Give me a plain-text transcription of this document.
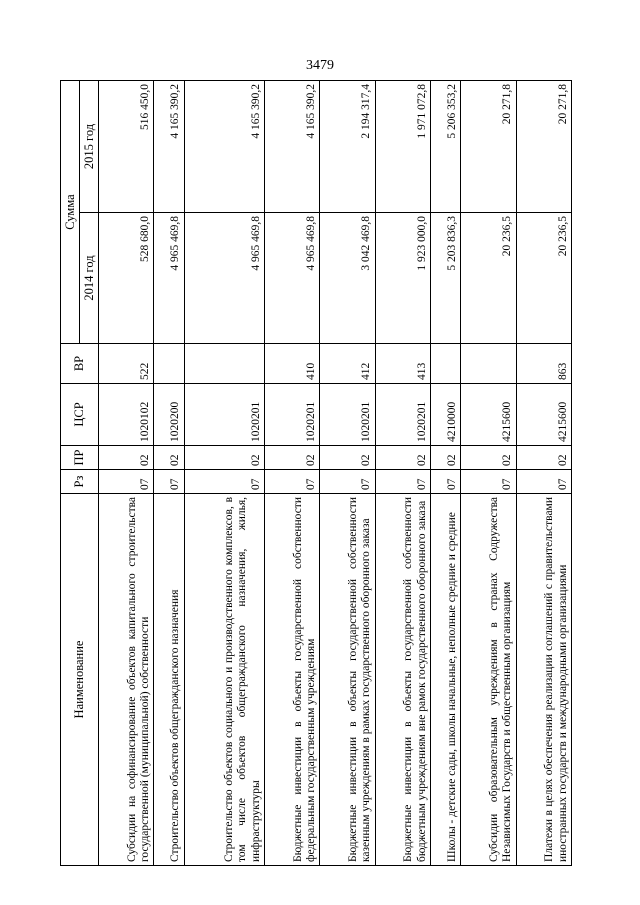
3479
Наименование	Рз	ПР	ЦСР	ВР	Сумма	
					2014 год	2015 год
Субсидии на софинансирование объектов капитального строительства государственной (муниципальной) собственности	07	02	1020102	522	528 680,0	516 450,0
Строительство объектов общегражданского назначения	07	02	1020200		4 965 469,8	4 165 390,2
Строительство объектов социального и производственного комплексов, в том числе объектов общегражданского назначения, жилья, инфраструктуры	07	02	1020201		4 965 469,8	4 165 390,2
Бюджетные инвестиции в объекты государственной собственности федеральным государственным учреждениям	07	02	1020201	410	4 965 469,8	4 165 390,2
Бюджетные инвестиции в объекты государственной собственности казенным учреждениям в рамках государственного оборонного заказа	07	02	1020201	412	3 042 469,8	2 194 317,4
Бюджетные инвестиции в объекты государственной собственности бюджетным учреждениям вне рамок государственного оборонного заказа	07	02	1020201	413	1 923 000,0	1 971 072,8
Школы - детские сады, школы начальные, неполные средние и средние	07	02	4210000		5 203 836,3	5 206 353,2
Субсидии образовательным учреждениям в странах Содружества Независимых Государств и общественным организациям	07	02	4215600		20 236,5	20 271,8
Платежи в целях обеспечения реализации соглашений с правительствами иностранных государств и международными организациями	07	02	4215600	863	20 236,5	20 271,8
